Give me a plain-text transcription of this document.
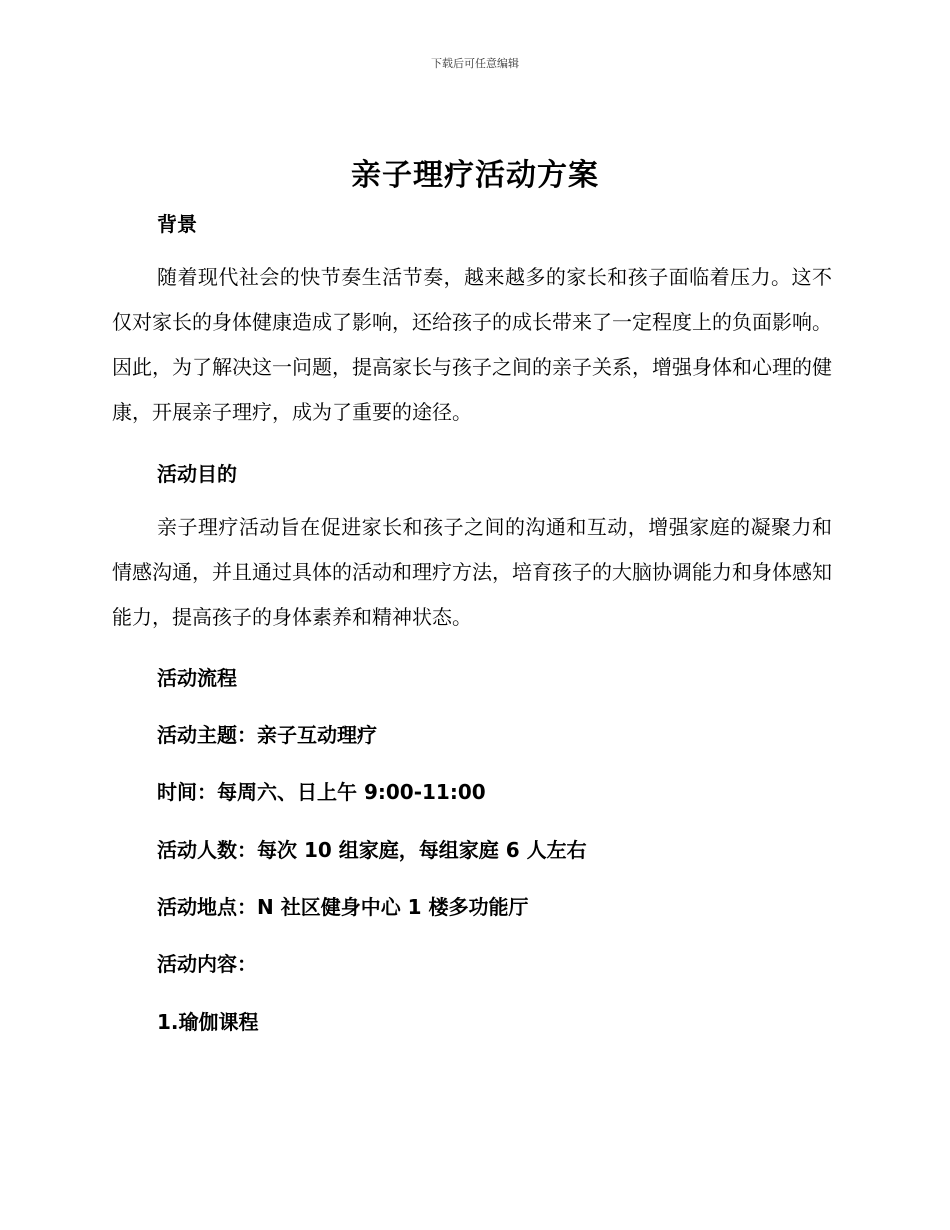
下载后可任意编辑
亲子理疗活动方案
背景
随着现代社会的快节奏生活节奏，越来越多的家长和孩子面临着压力。这不仅对家长的身体健康造成了影响，还给孩子的成长带来了一定程度上的负面影响。因此，为了解决这一问题，提高家长与孩子之间的亲子关系，增强身体和心理的健康，开展亲子理疗，成为了重要的途径。
活动目的
亲子理疗活动旨在促进家长和孩子之间的沟通和互动，增强家庭的凝聚力和情感沟通，并且通过具体的活动和理疗方法，培育孩子的大脑协调能力和身体感知能力，提高孩子的身体素养和精神状态。
活动流程
活动主题：亲子互动理疗
时间：每周六、日上午 9:00-11:00
活动人数：每次 10 组家庭，每组家庭 6 人左右
活动地点：N 社区健身中心 1 楼多功能厅
活动内容：
1.瑜伽课程
